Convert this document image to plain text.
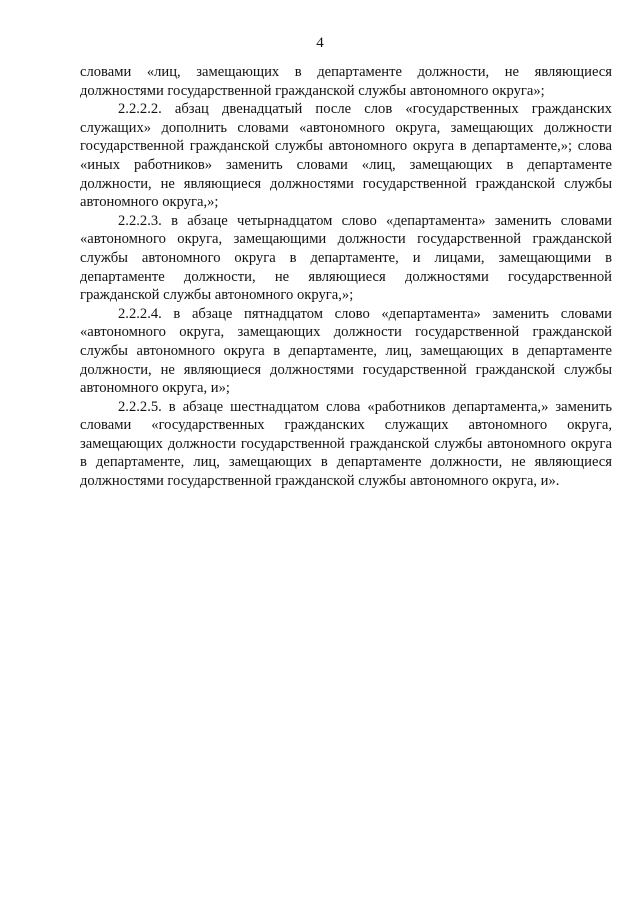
4

словами «лиц, замещающих в департаменте должности, не являющиеся должностями государственной гражданской службы автономного округа»;

2.2.2.2. абзац двенадцатый после слов «государственных гражданских служащих» дополнить словами «автономного округа, замещающих должности государственной гражданской службы автономного округа в департаменте,»; слова «иных работников» заменить словами «лиц, замещающих в департаменте должности, не являющиеся должностями государственной гражданской службы автономного округа,»;

2.2.2.3. в абзаце четырнадцатом слово «департамента» заменить словами «автономного округа, замещающими должности государственной гражданской службы автономного округа в департаменте, и лицами, замещающими в департаменте должности, не являющиеся должностями государственной гражданской службы автономного округа,»;

2.2.2.4. в абзаце пятнадцатом слово «департамента» заменить словами «автономного округа, замещающих должности государственной гражданской службы автономного округа в департаменте, лиц, замещающих в департаменте должности, не являющиеся должностями государственной гражданской службы автономного округа, и»;

2.2.2.5. в абзаце шестнадцатом слова «работников департамента,» заменить словами «государственных гражданских служащих автономного округа, замещающих должности государственной гражданской службы автономного округа в департаменте, лиц, замещающих в департаменте должности, не являющиеся должностями государственной гражданской службы автономного округа, и».
